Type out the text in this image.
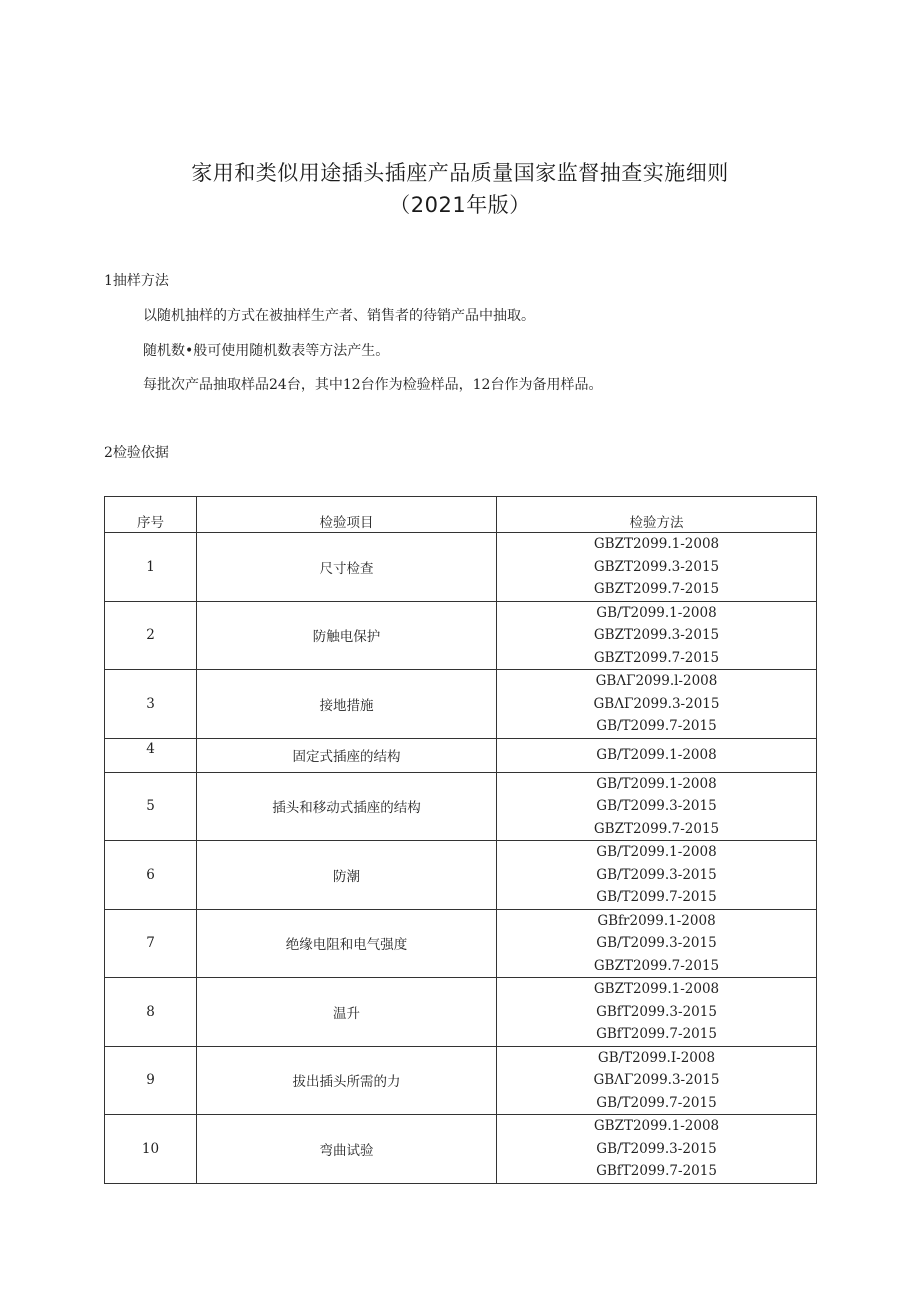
家用和类似用途插头插座产品质量国家监督抽查实施细则
（2021年版）
1抽样方法
以随机抽样的方式在被抽样生产者、销售者的待销产品中抽取。
随机数•般可使用随机数表等方法产生。
每批次产品抽取样品24台，其中12台作为检验样品，12台作为备用样品。
2检验依据
序号	检验项目	检验方法
1	尺寸检查	GBZT2099.1-2008
GBZT2099.3-2015
GBZT2099.7-2015

2	防触电保护	GB/T2099.1-2008
GBZT2099.3-2015
GBZT2099.7-2015

3	接地措施	GBΛΓ2099.l-2008
GBΛΓ2099.3-2015
GB/T2099.7-2015

4	固定式插座的结构	GB/T2099.1-2008

5	插头和移动式插座的结构	GB/T2099.1-2008
GB/T2099.3-2015
GBZT2099.7-2015

6	防潮	GB/T2099.1-2008
GB/T2099.3-2015
GB/T2099.7-2015

7	绝缘电阻和电气强度	GBfr2099.1-2008
GB/T2099.3-2015
GBZT2099.7-2015

8	温升	GBZT2099.1-2008
GBfT2099.3-2015
GBfT2099.7-2015

9	拔出插头所需的力	GB/T2099.I-2008
GBΛΓ2099.3-2015
GB/T2099.7-2015

10	弯曲试验	GBZT2099.1-2008
GB/T2099.3-2015
GBfT2099.7-2015
